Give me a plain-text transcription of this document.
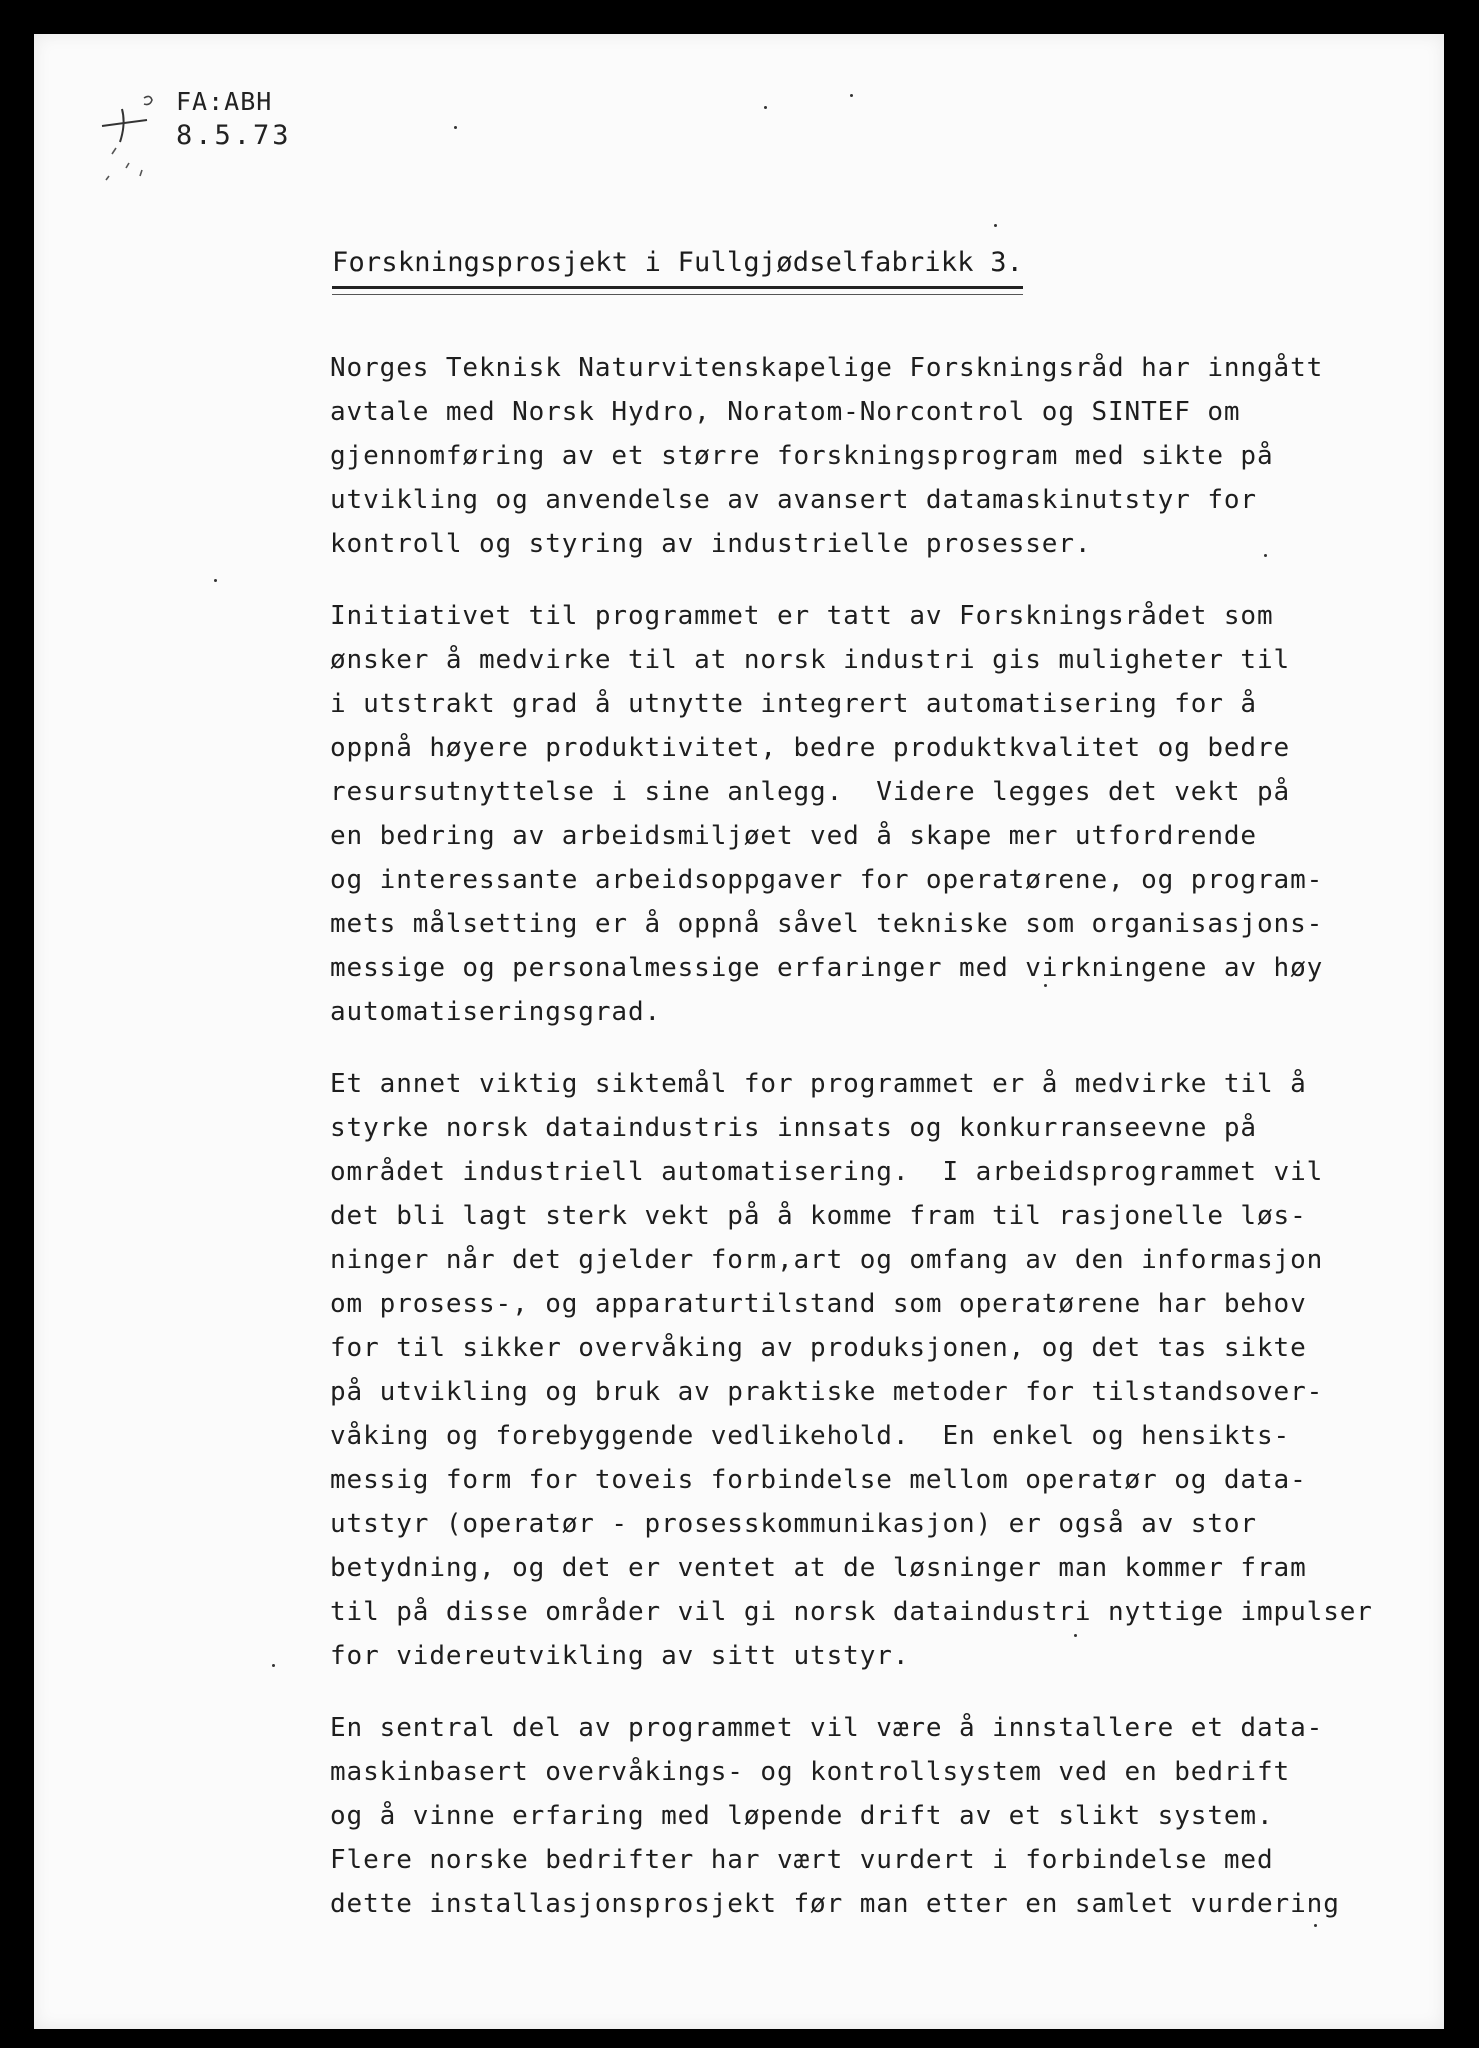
FA:ABH
8.5.73
Forskningsprosjekt i Fullgjødselfabrikk 3.
Norges Teknisk Naturvitenskapelige Forskningsråd har inngått
avtale med Norsk Hydro, Noratom-Norcontrol og SINTEF om
gjennomføring av et større forskningsprogram med sikte på
utvikling og anvendelse av avansert datamaskinutstyr for
kontroll og styring av industrielle prosesser.
Initiativet til programmet er tatt av Forskningsrådet som
ønsker å medvirke til at norsk industri gis muligheter til
i utstrakt grad å utnytte integrert automatisering for å
oppnå høyere produktivitet, bedre produktkvalitet og bedre
resursutnyttelse i sine anlegg.  Videre legges det vekt på
en bedring av arbeidsmiljøet ved å skape mer utfordrende
og interessante arbeidsoppgaver for operatørene, og program-
mets målsetting er å oppnå såvel tekniske som organisasjons-
messige og personalmessige erfaringer med virkningene av høy
automatiseringsgrad.
Et annet viktig siktemål for programmet er å medvirke til å
styrke norsk dataindustris innsats og konkurranseevne på
området industriell automatisering.  I arbeidsprogrammet vil
det bli lagt sterk vekt på å komme fram til rasjonelle løs-
ninger når det gjelder form,art og omfang av den informasjon
om prosess-, og apparaturtilstand som operatørene har behov
for til sikker overvåking av produksjonen, og det tas sikte
på utvikling og bruk av praktiske metoder for tilstandsover-
våking og forebyggende vedlikehold.  En enkel og hensikts-
messig form for toveis forbindelse mellom operatør og data-
utstyr (operatør - prosesskommunikasjon) er også av stor
betydning, og det er ventet at de løsninger man kommer fram
til på disse områder vil gi norsk dataindustri nyttige impulser
for videreutvikling av sitt utstyr.
En sentral del av programmet vil være å innstallere et data-
maskinbasert overvåkings- og kontrollsystem ved en bedrift
og å vinne erfaring med løpende drift av et slikt system.
Flere norske bedrifter har vært vurdert i forbindelse med
dette installasjonsprosjekt før man etter en samlet vurdering
